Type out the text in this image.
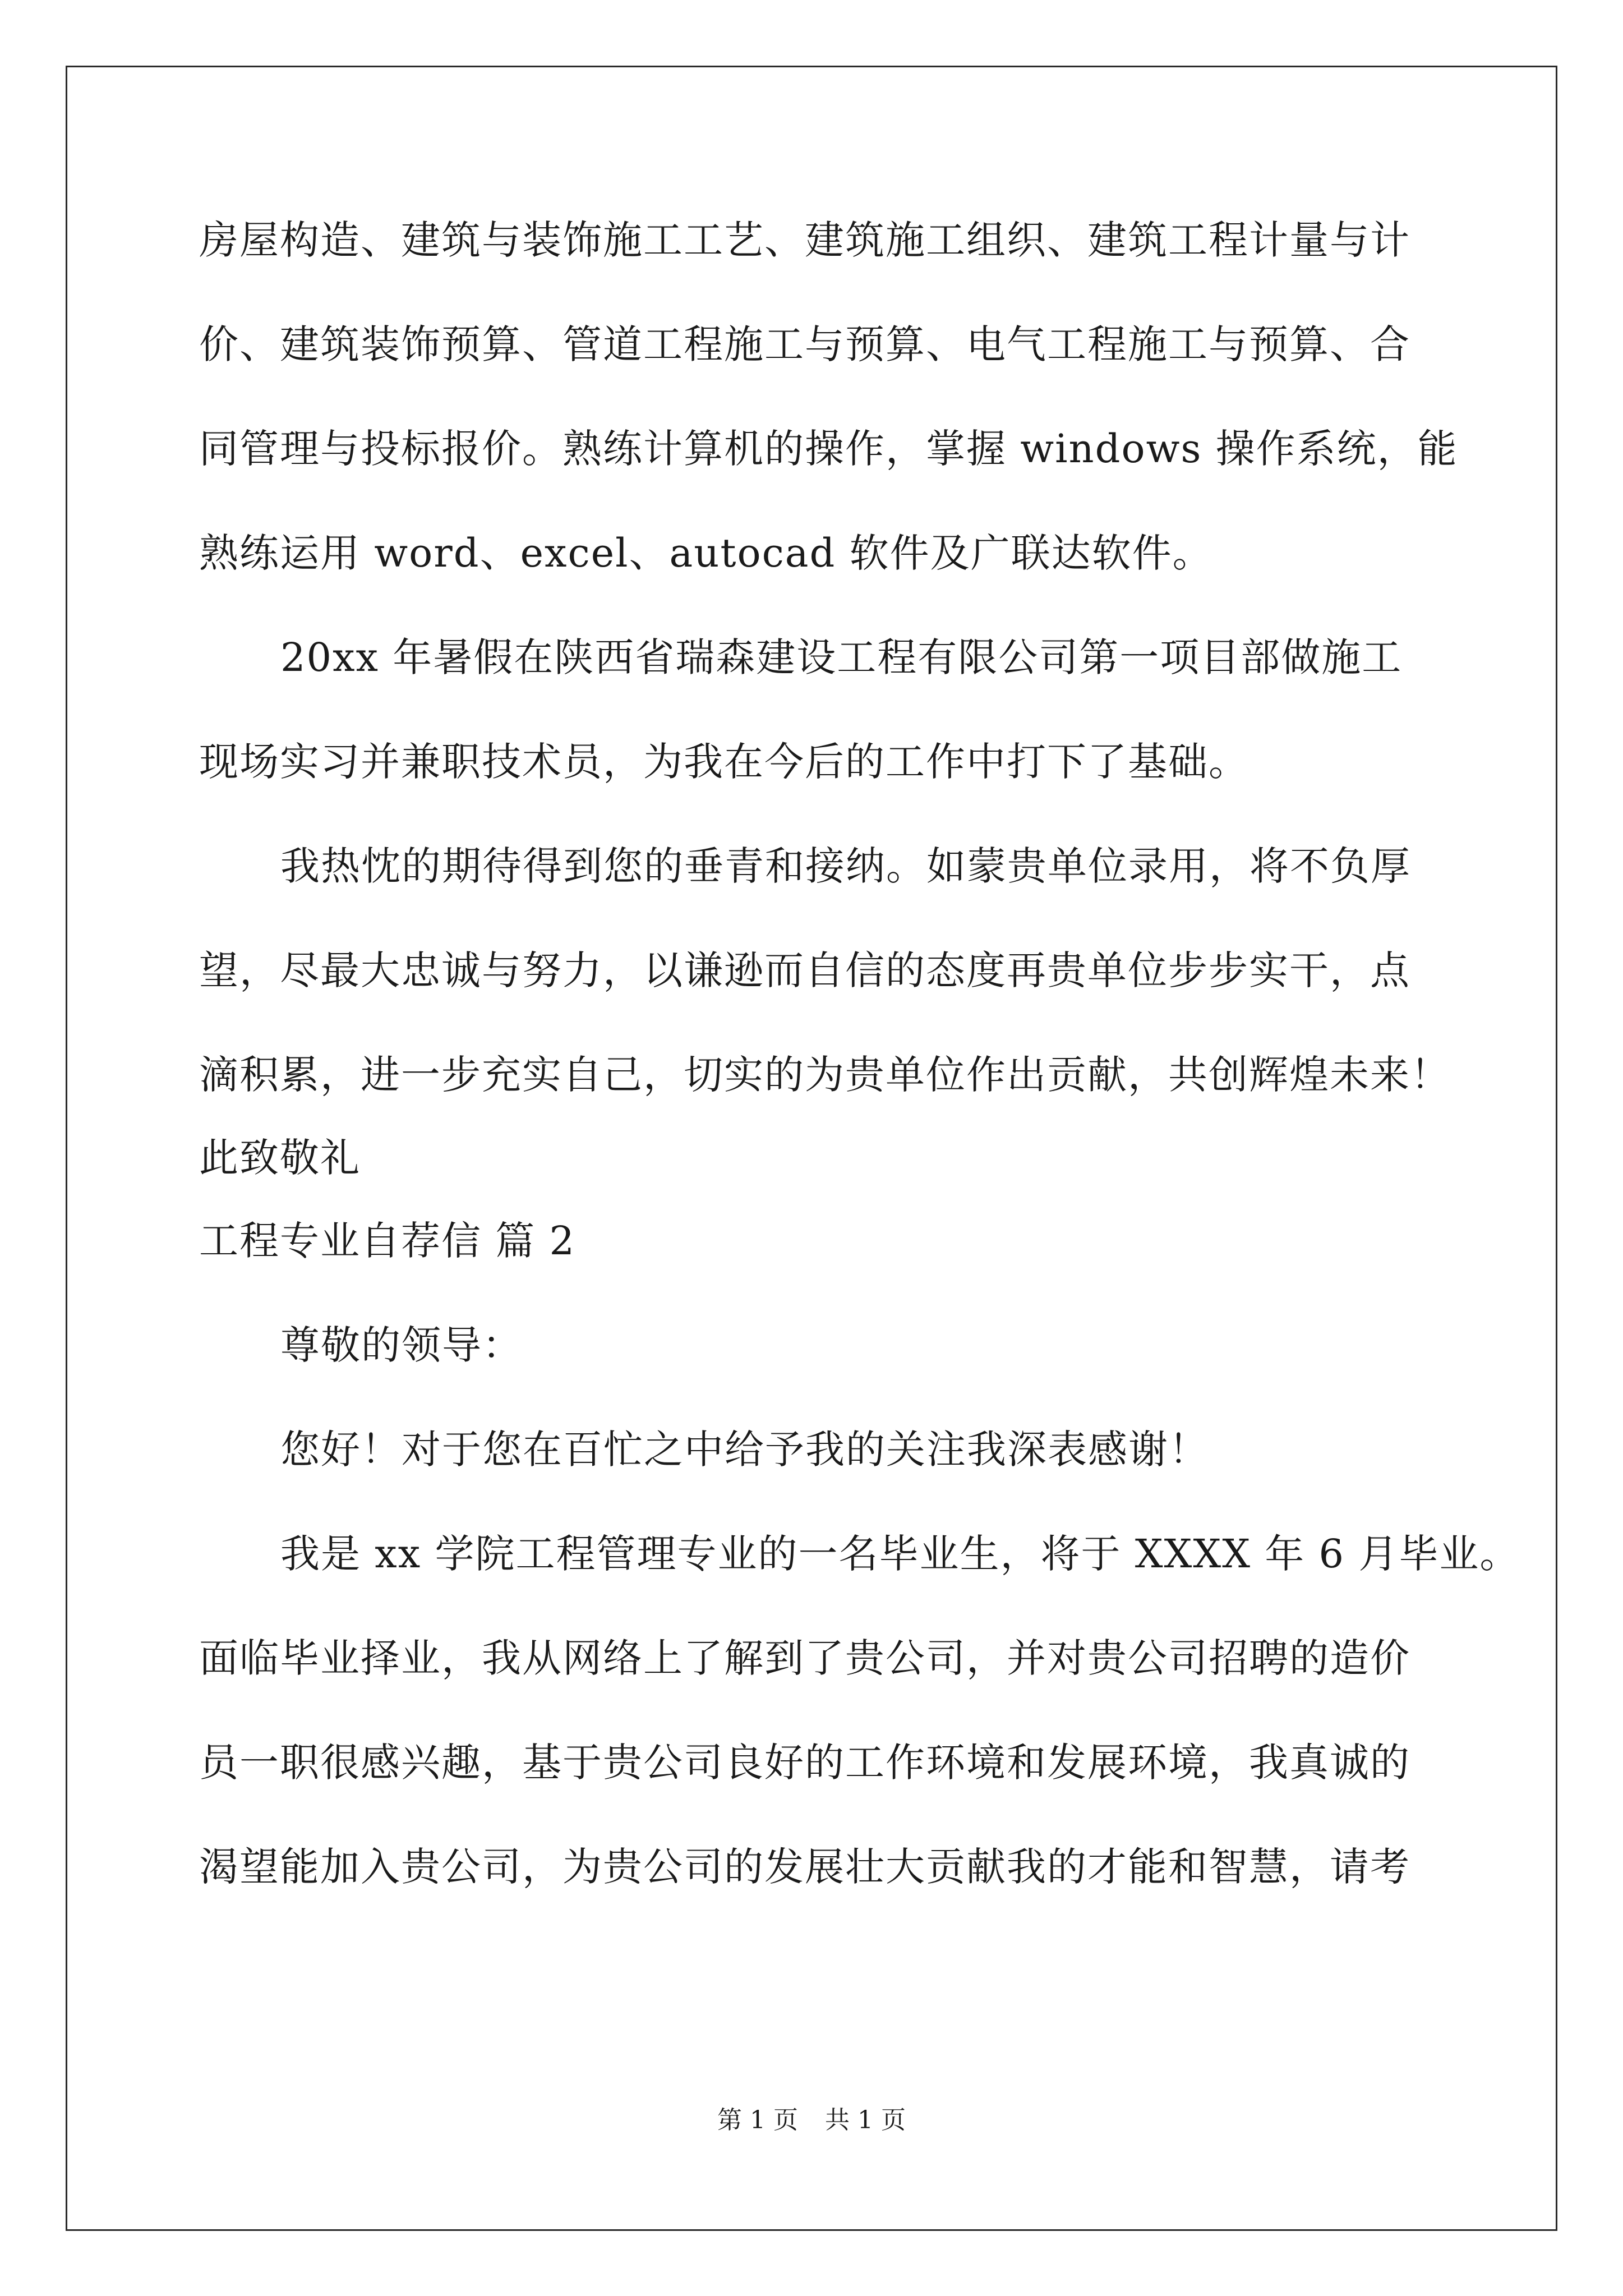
房屋构造、建筑与装饰施工工艺、建筑施工组织、建筑工程计量与计
价、建筑装饰预算、管道工程施工与预算、电气工程施工与预算、合
同管理与投标报价。熟练计算机的操作，掌握 windows 操作系统，能
熟练运用 word、excel、autocad 软件及广联达软件。
20xx 年暑假在陕西省瑞森建设工程有限公司第一项目部做施工
现场实习并兼职技术员，为我在今后的工作中打下了基础。
我热忱的期待得到您的垂青和接纳。如蒙贵单位录用，将不负厚
望，尽最大忠诚与努力，以谦逊而自信的态度再贵单位步步实干，点
滴积累，进一步充实自己，切实的为贵单位作出贡献，共创辉煌未来！
此致敬礼
工程专业自荐信 篇 2
尊敬的领导：
您好！对于您在百忙之中给予我的关注我深表感谢！
我是 xx 学院工程管理专业的一名毕业生，将于 XXXX 年 6 月毕业。
面临毕业择业，我从网络上了解到了贵公司，并对贵公司招聘的造价
员一职很感兴趣，基于贵公司良好的工作环境和发展环境，我真诚的
渴望能加入贵公司，为贵公司的发展壮大贡献我的才能和智慧，请考
第 1 页 共 1 页
